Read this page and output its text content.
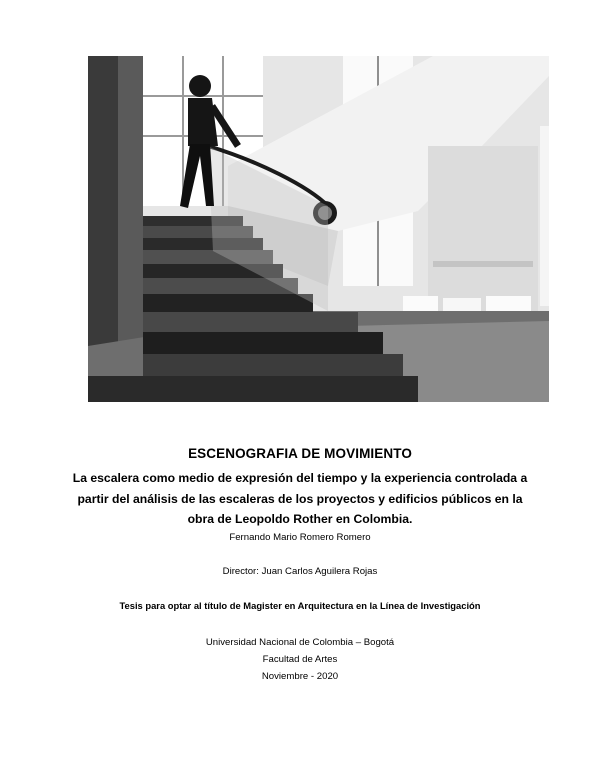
ESCENOGRAFIA DE MOVIMIENTO
La escalera como medio de expresión del tiempo y la experiencia controlada a
partir del análisis de las escaleras de los proyectos y edificios públicos en la
obra de Leopoldo Rother en Colombia.
Fernando Mario Romero Romero
Director: Juan Carlos Aguilera Rojas
Tesis para optar al título de Magister en Arquitectura en la Línea de Investigación
Universidad Nacional de Colombia – Bogotá
Facultad de Artes
Noviembre - 2020
